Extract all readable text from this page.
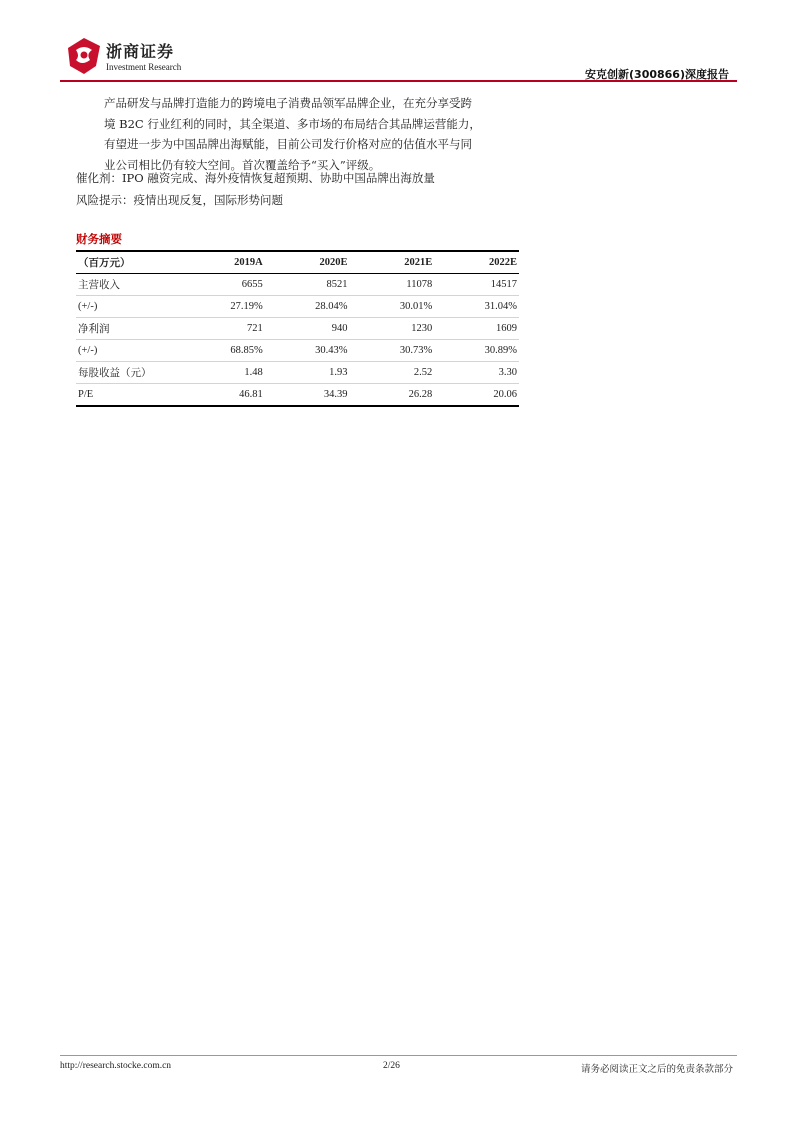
浙商证券
Investment Research
安克创新(300866)深度报告
产品研发与品牌打造能力的跨境电子消费品领军品牌企业，在充分享受跨
境 B2C 行业红利的同时，其全渠道、多市场的布局结合其品牌运营能力，
有望进一步为中国品牌出海赋能，目前公司发行价格对应的估值水平与同
业公司相比仍有较大空间。首次覆盖给予“买入”评级。
催化剂：IPO 融资完成、海外疫情恢复超预期、协助中国品牌出海放量
风险提示：疫情出现反复，国际形势问题
财务摘要
（百万元）	2019A	2020E	2021E	2022E
主营收入	6655	8521	11078	14517
(+/-)	27.19%	28.04%	30.01%	31.04%
净利润	721	940	1230	1609
(+/-)	68.85%	30.43%	30.73%	30.89%
每股收益（元）	1.48	1.93	2.52	3.30
P/E	46.81	34.39	26.28	20.06
http://research.stocke.com.cn	2/26	请务必阅读正文之后的免责条款部分
